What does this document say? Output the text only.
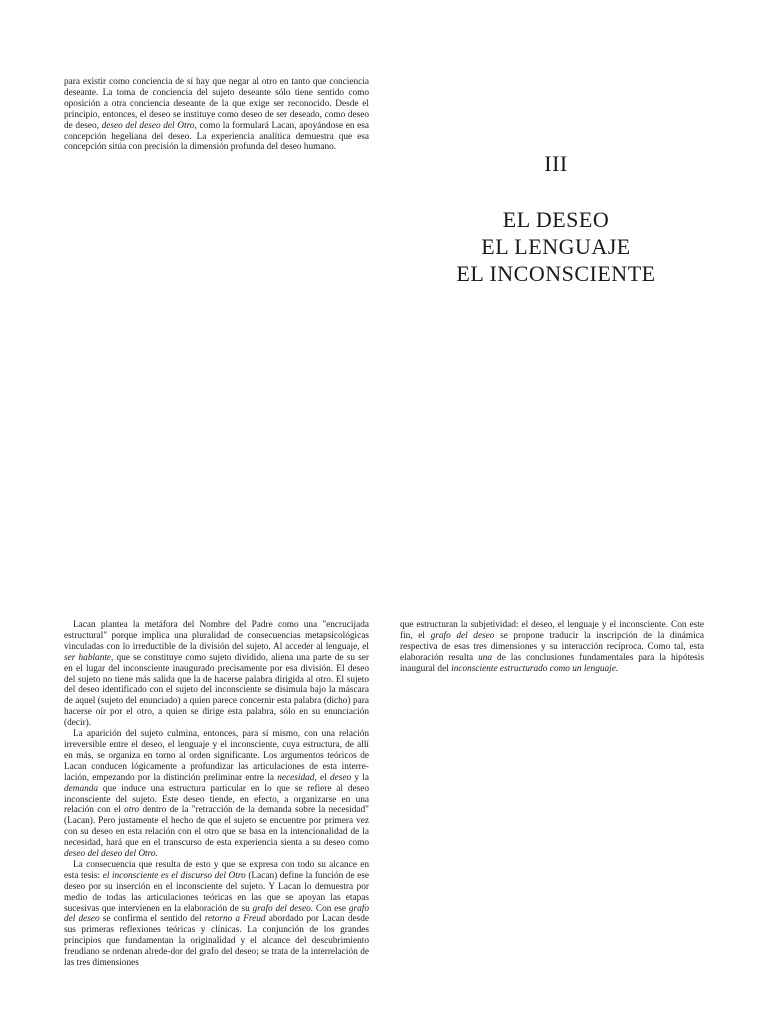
para existir como conciencia de sí hay que negar al otro en tanto que conciencia deseante. La toma de conciencia del sujeto deseante sólo tiene sentido como oposición a otra conciencia deseante de la que exige ser reconocido. Desde el principio, entonces, el deseo se instituye como deseo de ser deseado, como deseo de deseo, deseo del deseo del Otro, como la formulará Lacan, apoyándose en esa concepción hegeliana del deseo. La experiencia analítica demuestra que esa concepción sitúa con precisión la dimensión profunda del deseo humano.

III
EL DESEO
EL LENGUAJE
EL INCONSCIENTE

Lacan plantea la metáfora del Nombre del Padre como una "encrucijada estructural" porque implica una pluralidad de consecuencias metapsicológicas vinculadas con lo irreductible de la división del sujeto. Al acceder al lenguaje, el ser hablante, que se constituye como sujeto dividido, aliena una parte de su ser en el lugar del inconsciente inaugurado precisamente por esa división. El deseo del sujeto no tiene más salida que la de hacerse palabra dirigida al otro. El sujeto del deseo identificado con el sujeto del inconsciente se disimula bajo la máscara de aquel (sujeto del enunciado) a quien parece concernir esta palabra (dicho) para hacerse oír por el otro, a quien se dirige esta palabra, sólo en su enunciación (decir).

La aparición del sujeto culmina, entonces, para sí mismo, con una relación irreversible entre el deseo, el lenguaje y el inconsciente, cuya estructura, de allí en más, se organiza en torno al orden significante. Los argumentos teóricos de Lacan conducen lógicamente a profundizar las articulaciones de esta interre-lación, empezando por la distinción preliminar entre la necesidad, el deseo y la demanda que induce una estructura particular en lo que se refiere al deseo inconsciente del sujeto. Este deseo tiende, en efecto, a organizarse en una relación con el otro dentro de la "retracción de la demanda sobre la necesidad" (Lacan). Pero justamente el hecho de que el sujeto se encuentre por primera vez con su deseo en esta relación con el otro que se basa en la intencionalidad de la necesidad, hará que en el transcurso de esta experiencia sienta a su deseo como deseo del deseo del Otro.

La consecuencia que resulta de esto y que se expresa con todo su alcance en esta tesis: el inconsciente es el discurso del Otro (Lacan) define la función de ese deseo por su inserción en el inconsciente del sujeto. Y Lacan lo demuestra por medio de todas las articulaciones teóricas en las que se apoyan las etapas sucesivas que intervienen en la elaboración de su grafo del deseo. Con ese grafo del deseo se confirma el sentido del retorno a Freud abordado por Lacan desde sus primeras reflexiones teóricas y clínicas. La conjunción de los grandes principios que fundamentan la originalidad y el alcance del descubrimiento freudiano se ordenan alrede-dor del grafo del deseo; se trata de la interrelación de las tres dimensiones

que estructuran la subjetividad: el deseo, el lenguaje y el inconsciente. Con este fin, el grafo del deseo se propone traducir la inscripción de la dinámica respectiva de esas tres dimensiones y su interacción recíproca. Como tal, esta elaboración resulta una de las conclusiones fundamentales para la hipótesis inaugural del inconsciente estructurado como un lenguaje.
